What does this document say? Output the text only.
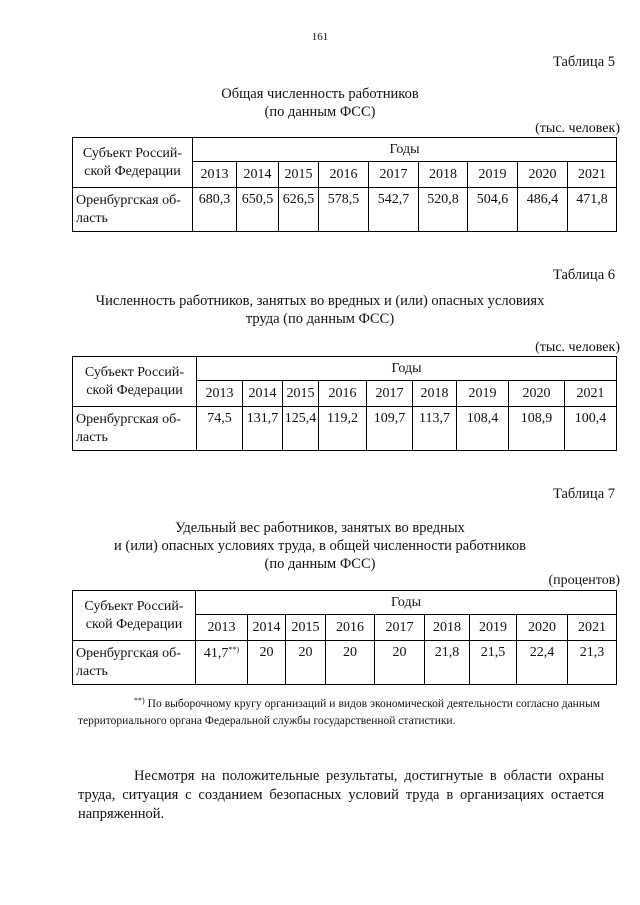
161
Таблица 5
Общая численность работников
(по данным ФСС)
(тыс. человек)
Субъект Россий-
ской Федерации	Годы								
	2013	2014	2015	2016	2017	2018	2019	2020	2021

Оренбургская об-
ласть	680,3	650,5	626,5	578,5	542,7	520,8	504,6	486,4	471,8
Таблица 6
Численность работников, занятых во вредных и (или) опасных условиях
труда (по данным ФСС)
(тыс. человек)
Субъект Россий-
ской Федерации	Годы								
	2013	2014	2015	2016	2017	2018	2019	2020	2021

Оренбургская об-
ласть	74,5	131,7	125,4	119,2	109,7	113,7	108,4	108,9	100,4
Таблица 7
Удельный вес работников, занятых во вредных
и (или) опасных условиях труда, в общей численности работников
(по данным ФСС)
(процентов)
Субъект Россий-
ской Федерации	Годы								
	2013	2014	2015	2016	2017	2018	2019	2020	2021

Оренбургская об-
ласть	41,7**)	20	20	20	20	21,8	21,5	22,4	21,3
**) По выборочному кругу организаций и видов экономической деятельности согласно данным территориального органа Федеральной службы государственной статистики.
Несмотря на положительные результаты, достигнутые в области охраны труда, ситуация с созданием безопасных условий труда в организациях остается напряженной.
